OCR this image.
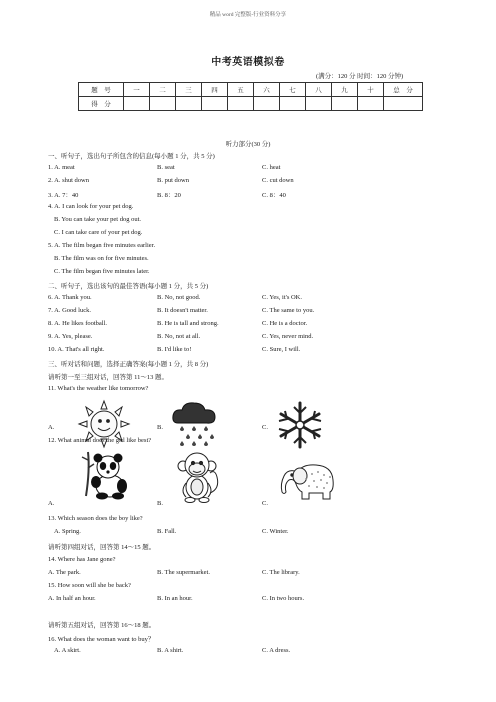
精品 word 完整版-行业资料分享
中考英语模拟卷
(满分：120 分 时间：120 分钟)
题　号	一	二	三	四	五	六	七	八	九	十	总　分
得　分											
听力部分(30 分)
一、听句子，选出句子所包含的信息(每小题 1 分，共 5 分)
1. A. meat	B. seat	C. heat
2. A. shut down	B. put down	C. cut down
3. A. 7：40	B. 8：20	C. 8：40
4. A. I can look for your pet dog.
B. You can take your pet dog out.
C. I can take care of your pet dog.
5. A. The film began five minutes earlier.
B. The film was on for five minutes.
C. The film began five minutes later.
二、听句子，选出该句的最佳答语(每小题 1 分，共 5 分)
6. A. Thank you.	B. No, not good.	C. Yes, it's OK.
7. A. Good luck.	B. It doesn't matter.	C. The same to you.
8. A. He likes football.	B. He is tall and strong.	C. He is a doctor.
9. A. Yes, please.	B. No, not at all.	C. Yes, never mind.
10. A. That's all right.	B. I'd like to!	C. Sure, I will.
三、听对话和问题，选择正确答案(每小题 1 分，共 8 分)
请听第一至三组对话，回答第 11～13 题。
11. What's the weather like tomorrow?
A.	B.	C.
12. What animal does the girl like best?
A.	B.	C.
13. Which season does the boy like?
A. Spring.	B. Fall.	C. Winter.
请听第四组对话，回答第 14～15 题。
14. Where has Jane gone?
A. The park.	B. The supermarket.	C. The library.
15. How soon will she be back?
A. In half an hour.	B. In an hour.	C. In two hours.
请听第五组对话，回答第 16～18 题。
16. What does the woman want to buy？
A. A skirt.	B. A shirt.	C. A dress.
